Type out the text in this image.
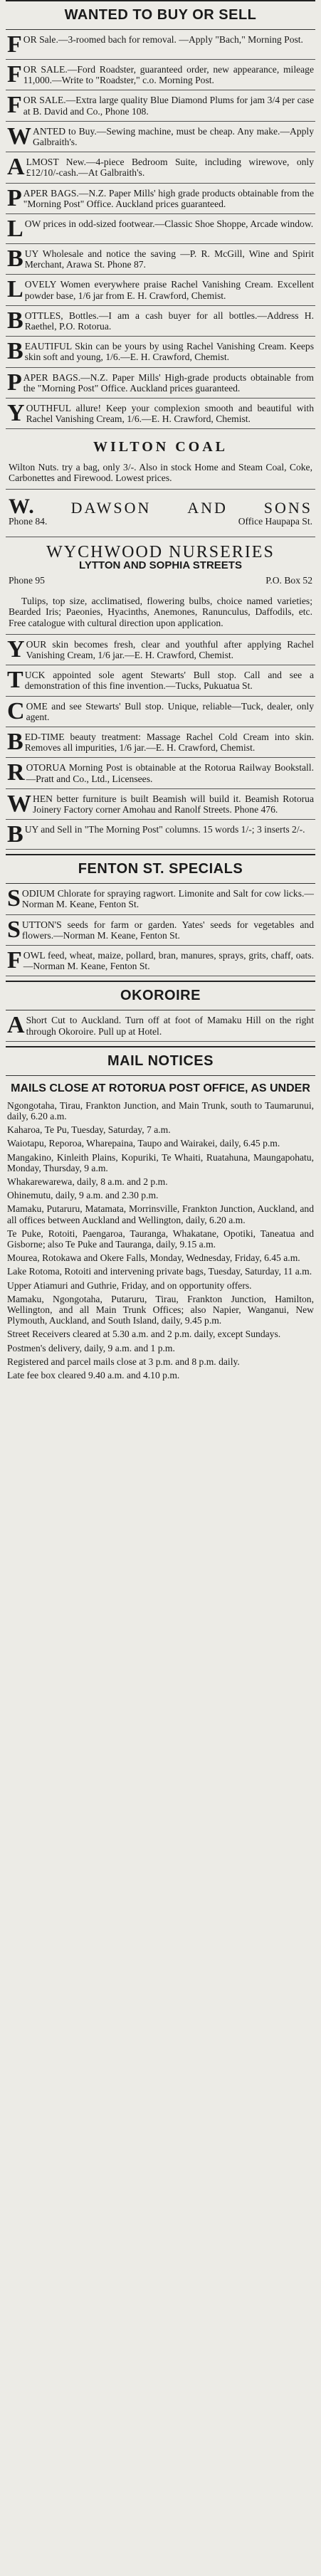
WANTED TO BUY OR SELL
FOR Sale.—3-roomed bach for removal. —Apply "Bach," Morning Post.
FOR SALE.—Ford Roadster, guaranteed order, new appearance, mileage 11,000.—Write to "Roadster," c.o. Morning Post.
FOR SALE.—Extra large quality Blue Diamond Plums for jam 3/4 per case at B. David and Co., Phone 108.
WANTED to Buy.—Sewing machine, must be cheap. Any make.—Apply Galbraith's.
ALMOST New.—4-piece Bedroom Suite, including wirewove, only £12/10/-cash.—At Galbraith's.
PAPER BAGS.—N.Z. Paper Mills' high grade products obtainable from the "Morning Post" Office. Auckland prices guaranteed.
LOW prices in odd-sized footwear.—Classic Shoe Shoppe, Arcade window.
BUY Wholesale and notice the saving —P. R. McGill, Wine and Spirit Merchant, Arawa St. Phone 87.
LOVELY Women everywhere praise Rachel Vanishing Cream. Excellent powder base, 1/6 jar from E. H. Crawford, Chemist.
BOTTLES, Bottles.—I am a cash buyer for all bottles.—Address H. Raethel, P.O. Rotorua.
BEAUTIFUL Skin can be yours by using Rachel Vanishing Cream. Keeps skin soft and young, 1/6.—E. H. Crawford, Chemist.
PAPER BAGS.—N.Z. Paper Mills' High-grade products obtainable from the "Morning Post" Office. Auckland prices guaranteed.
YOUTHFUL allure! Keep your complexion smooth and beautiful with Rachel Vanishing Cream, 1/6.—E. H. Crawford, Chemist.
WILTON COAL
Wilton Nuts. try a bag, only 3/-. Also in stock Home and Steam Coal, Coke, Carbonettes and Firewood. Lowest prices.
W. DAWSON AND SONS
Phone 84.	Office Haupapa St.
WYCHWOOD NURSERIES
LYTTON AND SOPHIA STREETS
Phone 95	P.O. Box 52
Tulips, top size, acclimatised, flowering bulbs, choice named varieties; Bearded Iris; Paeonies, Hyacinths, Anemones, Ranunculus, Daffodils, etc. Free catalogue with cultural direction upon application.
YOUR skin becomes fresh, clear and youthful after applying Rachel Vanishing Cream, 1/6 jar.—E. H. Crawford, Chemist.
TUCK appointed sole agent Stewarts' Bull stop. Call and see a demonstration of this fine invention.—Tucks, Pukuatua St.
COME and see Stewarts' Bull stop. Unique, reliable—Tuck, dealer, only agent.
BED-TIME beauty treatment: Massage Rachel Cold Cream into skin. Removes all impurities, 1/6 jar.—E. H. Crawford, Chemist.
ROTORUA Morning Post is obtainable at the Rotorua Railway Bookstall. —Pratt and Co., Ltd., Licensees.
WHEN better furniture is built Beamish will build it. Beamish Rotorua Joinery Factory corner Amohau and Ranolf Streets. Phone 476.
BUY and Sell in "The Morning Post" columns. 15 words 1/-; 3 inserts 2/-.
FENTON ST. SPECIALS
SODIUM Chlorate for spraying ragwort. Limonite and Salt for cow licks.—Norman M. Keane, Fenton St.
SUTTON'S seeds for farm or garden. Yates' seeds for vegetables and flowers.—Norman M. Keane, Fenton St.
FOWL feed, wheat, maize, pollard, bran, manures, sprays, grits, chaff, oats.—Norman M. Keane, Fenton St.
OKOROIRE
A Short Cut to Auckland. Turn off at foot of Mamaku Hill on the right through Okoroire. Pull up at Hotel.
MAIL NOTICES
MAILS CLOSE AT ROTORUA POST OFFICE, AS UNDER
Ngongotaha, Tirau, Frankton Junction, and Main Trunk, south to Taumarunui, daily, 6.20 a.m.
Kaharoa, Te Pu, Tuesday, Saturday, 7 a.m.
Waiotapu, Reporoa, Wharepaina, Taupo and Wairakei, daily, 6.45 p.m.
Mangakino, Kinleith Plains, Kopuriki, Te Whaiti, Ruatahuna, Maungapohatu, Monday, Thursday, 9 a.m.
Whakarewarewa, daily, 8 a.m. and 2 p.m.
Ohinemutu, daily, 9 a.m. and 2.30 p.m.
Mamaku, Putaruru, Matamata, Morrinsville, Frankton Junction, Auckland, and all offices between Auckland and Wellington, daily, 6.20 a.m.
Te Puke, Rotoiti, Paengaroa, Tauranga, Whakatane, Opotiki, Taneatua and Gisborne; also Te Puke and Tauranga, daily, 9.15 a.m.
Mourea, Rotokawa and Okere Falls, Monday, Wednesday, Friday, 6.45 a.m.
Lake Rotoma, Rotoiti and intervening private bags, Tuesday, Saturday, 11 a.m.
Upper Atiamuri and Guthrie, Friday, and on opportunity offers.
Mamaku, Ngongotaha, Putaruru, Tirau, Frankton Junction, Hamilton, Wellington, and all Main Trunk Offices; also Napier, Wanganui, New Plymouth, Auckland, and South Island, daily, 9.45 p.m.
Street Receivers cleared at 5.30 a.m. and 2 p.m. daily, except Sundays.
Postmen's delivery, daily, 9 a.m. and 1 p.m.
Registered and parcel mails close at 3 p.m. and 8 p.m. daily.
Late fee box cleared 9.40 a.m. and 4.10 p.m.
